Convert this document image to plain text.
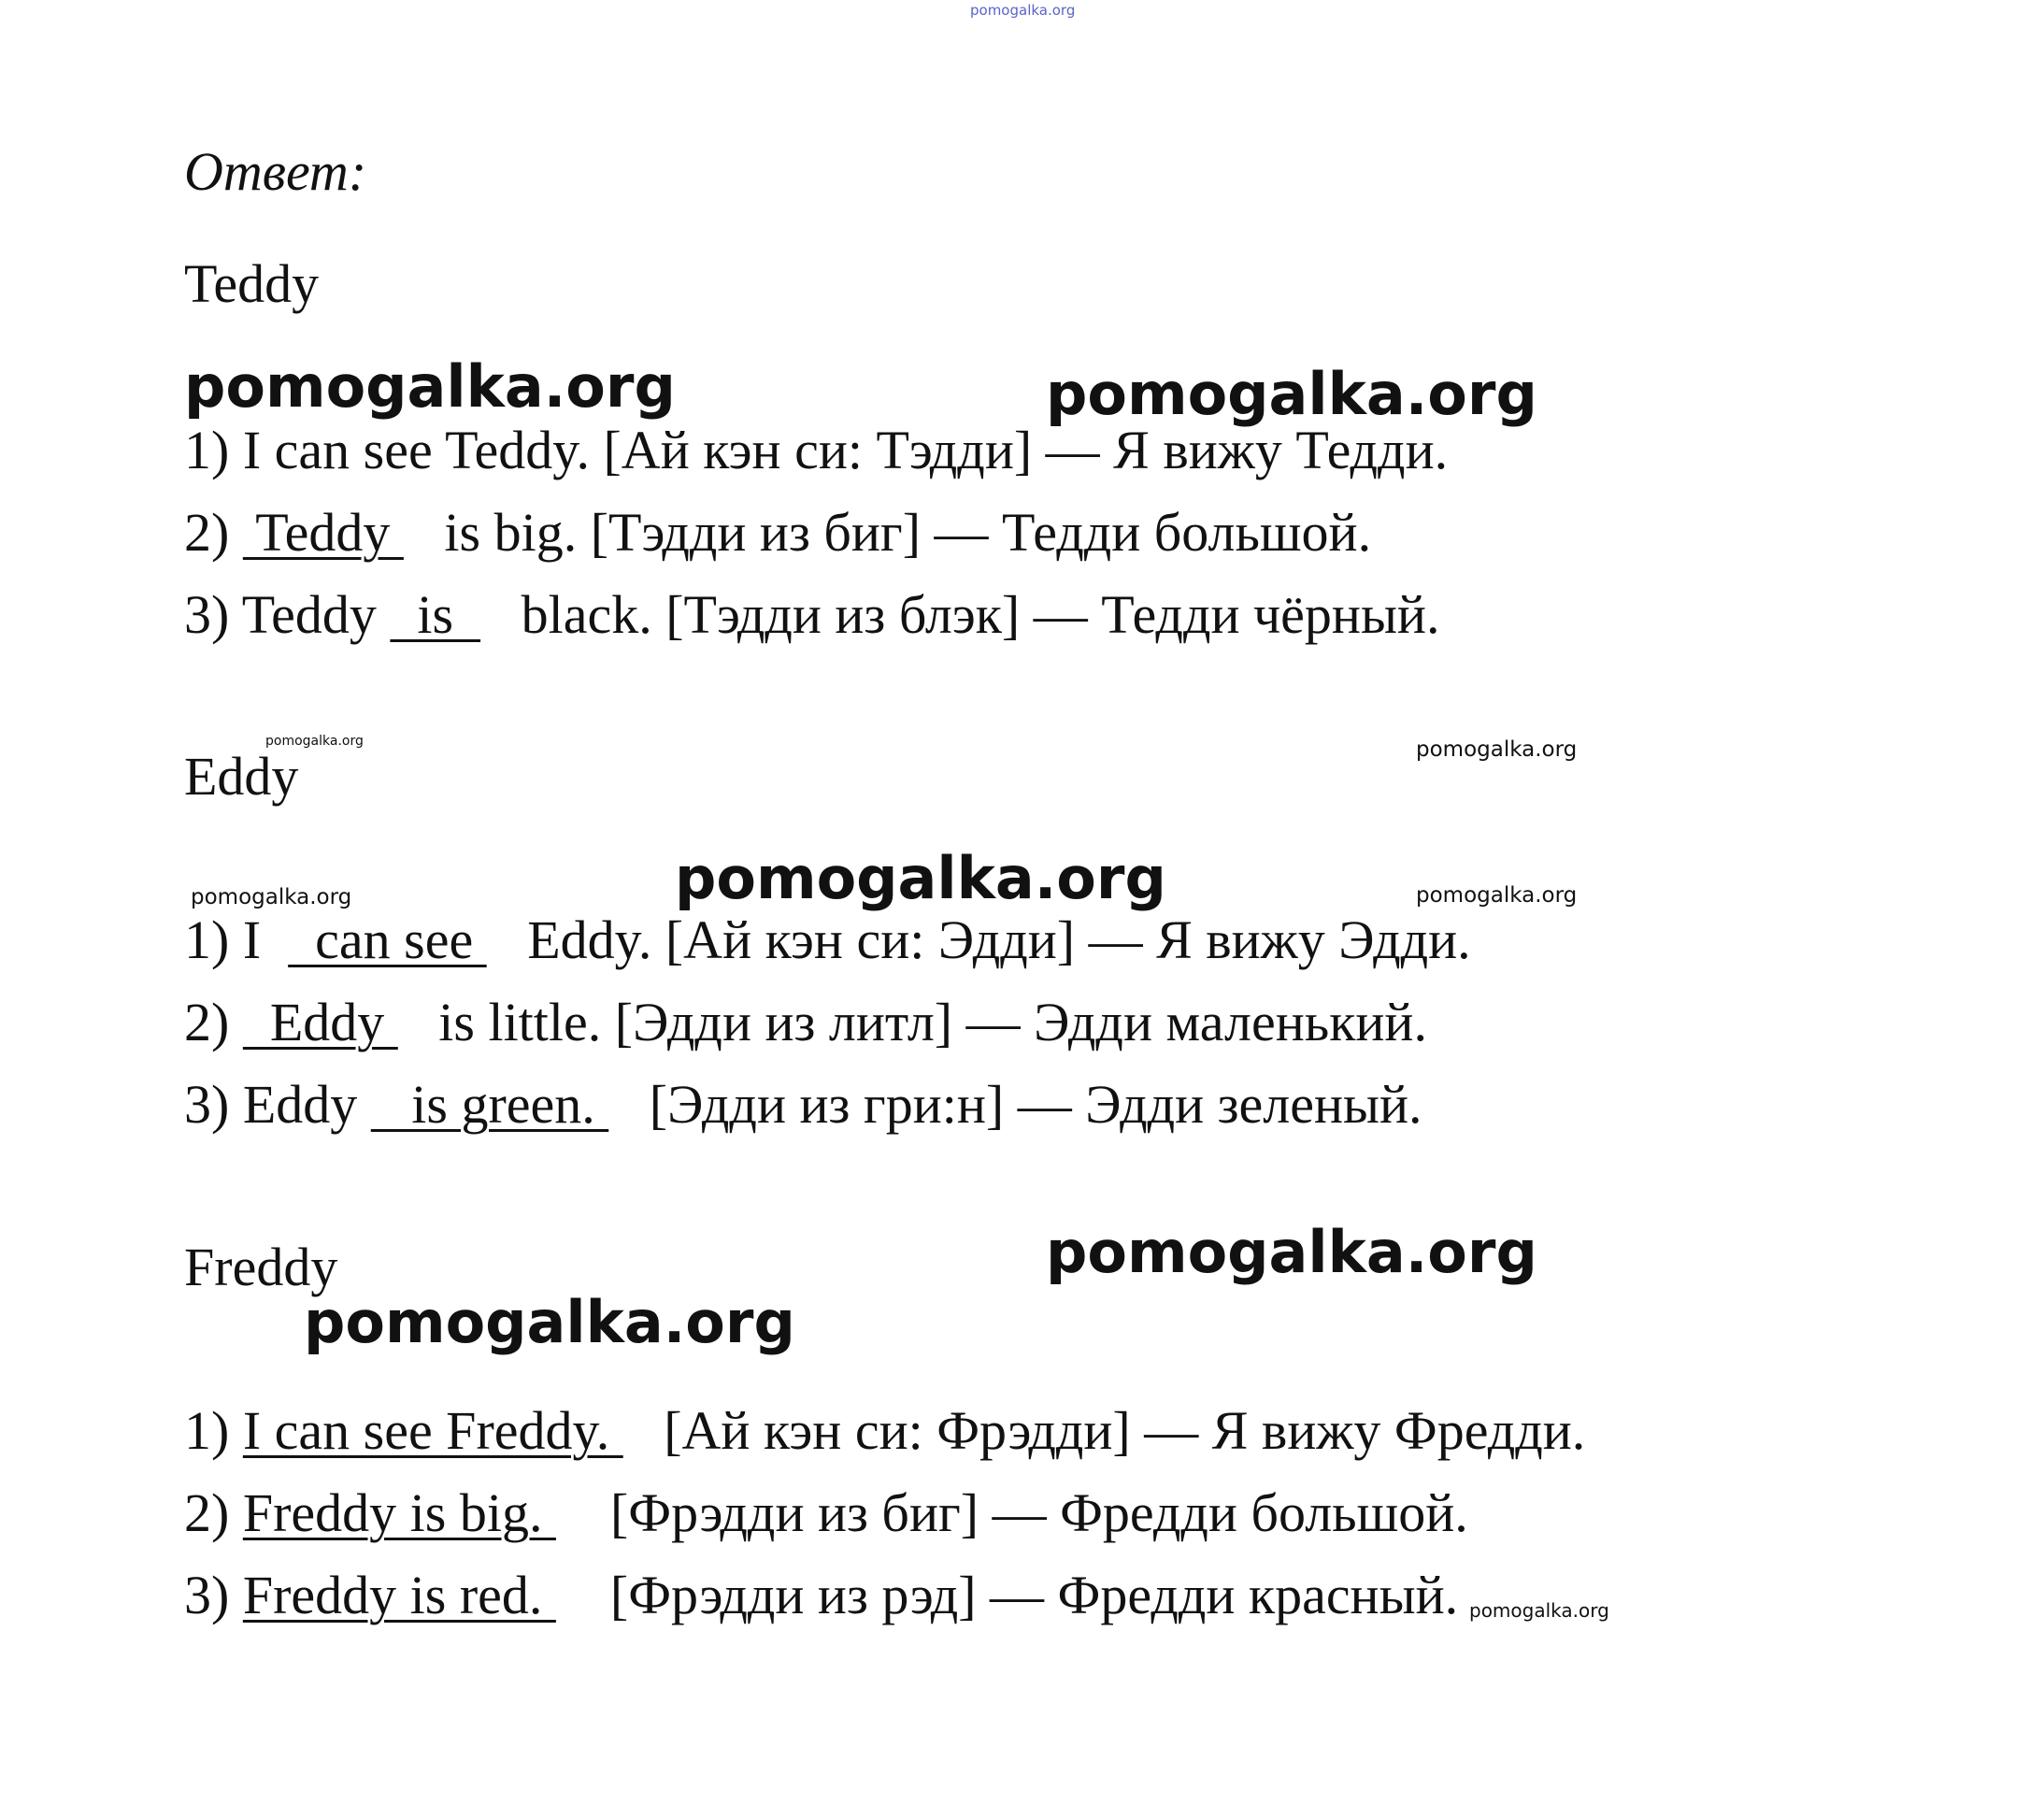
pomogalka.org
Ответ:
Teddy
pomogalka.org	pomogalka.org
1) I can see Teddy. [Ай кэн си: Тэдди] — Я вижу Тедди.
2)  Teddy    is big. [Тэдди из биг] — Тедди большой.
3) Teddy   is     black. [Тэдди из блэк] — Тедди чёрный.
pomogalka.org	pomogalka.org
Eddy
pomogalka.org
pomogalka.org	pomogalka.org
1) I    can see    Eddy. [Ай кэн си: Эдди] — Я вижу Эдди.
2)   Eddy    is little. [Эдди из литл] — Эдди маленький.
3) Eddy    is green.    [Эдди из гри:н] — Эдди зеленый.
Freddy	pomogalka.org
pomogalka.org
1) I can see Freddy.    [Ай кэн си: Фрэдди] — Я вижу Фредди.
2) Freddy is big.     [Фрэдди из биг] — Фредди большой.
3) Freddy is red.     [Фрэдди из рэд] — Фредди красный. pomogalka.org
